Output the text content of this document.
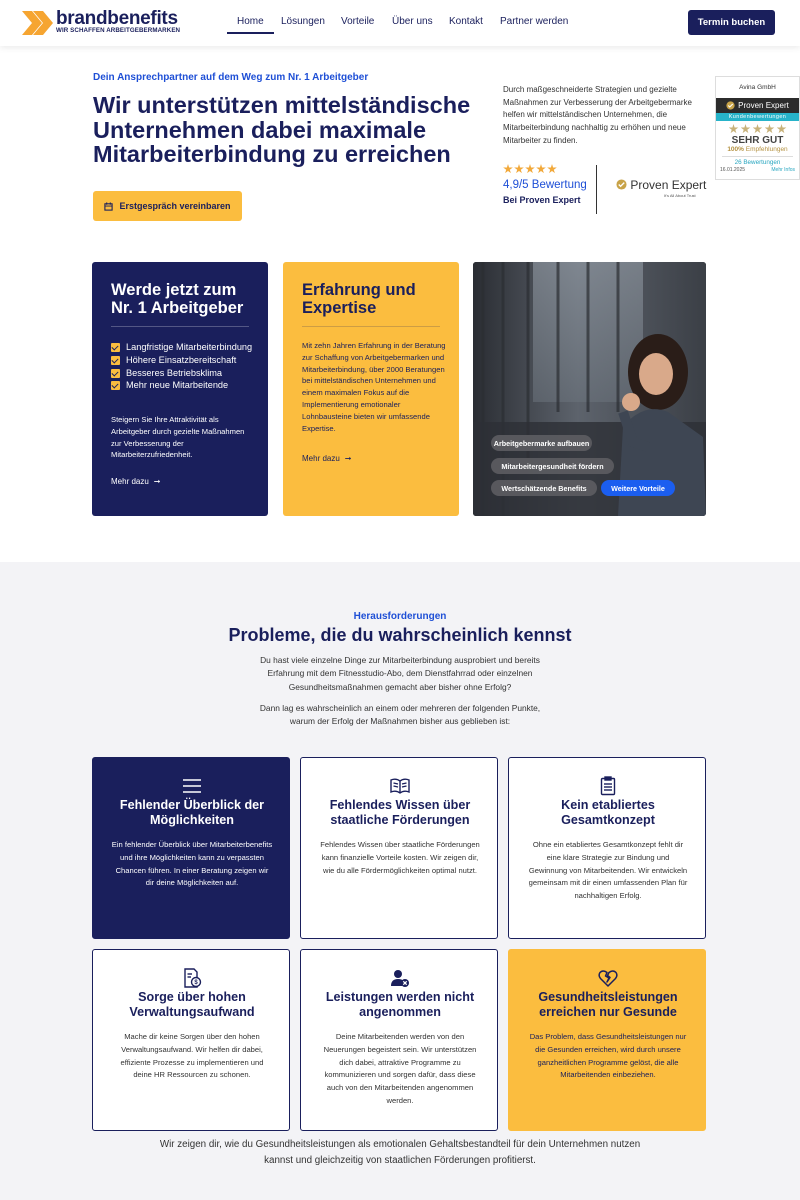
brandbenefits
WIR SCHAFFEN ARBEITGEBERMARKEN
Home Lösungen Vorteile Über uns Kontakt Partner werden	Termin buchen
Dein Ansprechpartner auf dem Weg zum Nr. 1 Arbeitgeber
Wir unterstützen mittelständische Unternehmen dabei maximale Mitarbeiterbindung zu erreichen
Erstgespräch vereinbaren
Durch maßgeschneiderte Strategien und gezielte Maßnahmen zur Verbesserung der Arbeitgebermarke helfen wir mittelständischen Unternehmen, die Mitarbeiterbindung nachhaltig zu erhöhen und neue Mitarbeiter zu finden.
4,9/5 Bewertung
Bei Proven Expert
Proven Expert
It's All About Trust
Avina GmbH
Proven Expert
Kundenbewertungen
SEHR GUT
100% Empfehlungen
26 Bewertungen
16.01.2025	Mehr Infos
Werde jetzt zum Nr. 1 Arbeitgeber
Langfristige Mitarbeiterbindung
Höhere Einsatzbereitschaft
Besseres Betriebsklima
Mehr neue Mitarbeitende
Steigern Sie Ihre Attraktivität als Arbeitgeber durch gezielte Maßnahmen zur Verbesserung der Mitarbeiterzufriedenheit.
Mehr dazu ➞
Erfahrung und Expertise
Mit zehn Jahren Erfahrung in der Beratung zur Schaffung von Arbeitgebermarken und Mitarbeiterbindung, über 2000 Beratungen bei mittelständischen Unternehmen und einem maximalen Fokus auf die Implementierung emotionaler Lohnbausteine bieten wir umfassende Expertise.
Mehr dazu ➞
Arbeitgebermarke aufbauen
Mitarbeitergesundheit fördern
Wertschätzende Benefits	Weitere Vorteile
Herausforderungen
Probleme, die du wahrscheinlich kennst
Du hast viele einzelne Dinge zur Mitarbeiterbindung ausprobiert und bereits Erfahrung mit dem Fitnesstudio-Abo, dem Dienstfahrrad oder einzelnen Gesundheitsmaßnahmen gemacht aber bisher ohne Erfolg?
Dann lag es wahrscheinlich an einem oder mehreren der folgenden Punkte, warum der Erfolg der Maßnahmen bisher aus geblieben ist:
Fehlender Überblick der Möglichkeiten
Ein fehlender Überblick über Mitarbeiterbenefits und ihre Möglichkeiten kann zu verpassten Chancen führen. In einer Beratung zeigen wir dir deine Möglichkeiten auf.
Fehlendes Wissen über staatliche Förderungen
Fehlendes Wissen über staatliche Förderungen kann finanzielle Vorteile kosten. Wir zeigen dir, wie du alle Fördermöglichkeiten optimal nutzt.
Kein etabliertes Gesamtkonzept
Ohne ein etabliertes Gesamtkonzept fehlt dir eine klare Strategie zur Bindung und Gewinnung von Mitarbeitenden. Wir entwickeln gemeinsam mit dir einen umfassenden Plan für nachhaltigen Erfolg.
$
Sorge über hohen Verwaltungsaufwand
Mache dir keine Sorgen über den hohen Verwaltungsaufwand. Wir helfen dir dabei, effiziente Prozesse zu implementieren und deine HR Ressourcen zu schonen.
Leistungen werden nicht angenommen
Deine Mitarbeitenden werden von den Neuerungen begeistert sein. Wir unterstützen dich dabei, attraktive Programme zu kommunizieren und sorgen dafür, dass diese auch von den Mitarbeitenden angenommen werden.
Gesundheitsleistungen erreichen nur Gesunde
Das Problem, dass Gesundheitsleistungen nur die Gesunden erreichen, wird durch unsere ganzheitlichen Programme gelöst, die alle Mitarbeitenden einbeziehen.
Wir zeigen dir, wie du Gesundheitsleistungen als emotionalen Gehaltsbestandteil für dein Unternehmen nutzen kannst und gleichzeitig von staatlichen Förderungen profitierst.
